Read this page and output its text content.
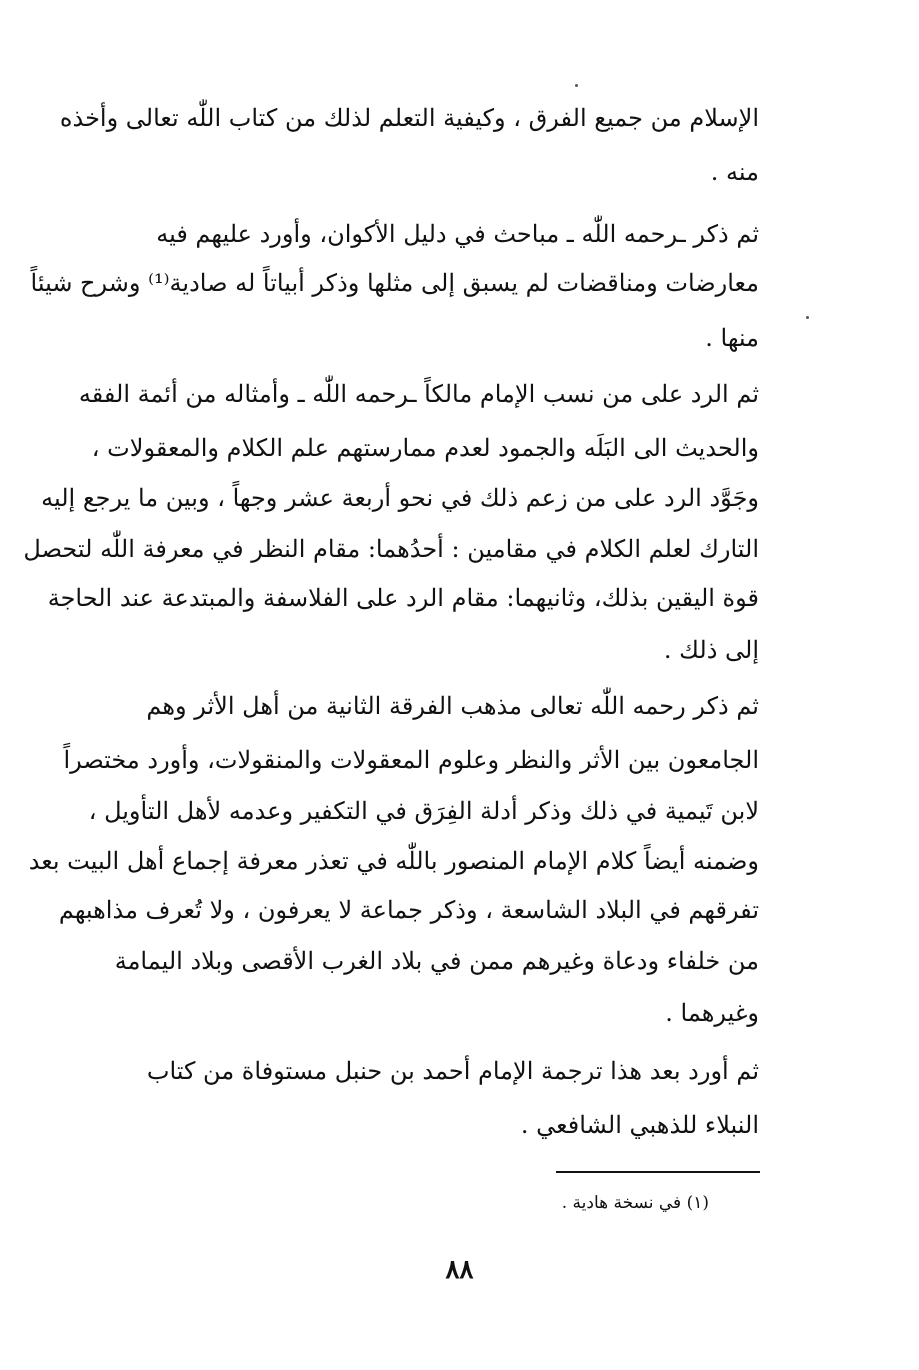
الإسلام من جميع الفرق ، وكيفية التعلم لذلك من كتاب اللّٰه تعالى وأخذه
منه .
ثم ذكر ـرحمه اللّٰه ـ مباحث في دليل الأكوان، وأورد عليهم فيه
معارضات ومناقضات لم يسبق إلى مثلها وذكر أبياتاً له صادية⁽¹⁾ وشرح شيئاً
منها .
ثم الرد على من نسب الإمام مالكاً ـرحمه اللّٰه ـ وأمثاله من أئمة الفقه
والحديث الى البَلَه والجمود لعدم ممارستهم علم الكلام والمعقولات ،
وجَوَّد الرد على من زعم ذلك في نحو أربعة عشر وجهاً ، وبين ما يرجع إليه
التارك لعلم الكلام في مقامين : أحدُهما: مقام النظر في معرفة اللّٰه لتحصل
قوة اليقين بذلك، وثانيهما: مقام الرد على الفلاسفة والمبتدعة عند الحاجة
إلى ذلك .
ثم ذكر رحمه اللّٰه تعالى مذهب الفرقة الثانية من أهل الأثر وهم
الجامعون بين الأثر والنظر وعلوم المعقولات والمنقولات، وأورد مختصراً
لابن تَيمية في ذلك وذكر أدلة الفِرَق في التكفير وعدمه لأهل التأويل ،
وضمنه أيضاً كلام الإمام المنصور باللّٰه في تعذر معرفة إجماع أهل البيت بعد
تفرقهم في البلاد الشاسعة ، وذكر جماعة لا يعرفون ، ولا تُعرف مذاهبهم
من خلفاء ودعاة وغيرهم ممن في بلاد الغرب الأقصى وبلاد اليمامة
وغيرهما .
ثم أورد بعد هذا ترجمة الإمام أحمد بن حنبل مستوفاة من كتاب
النبلاء للذهبي الشافعي .
(١) في نسخة هادية .
٨٨
